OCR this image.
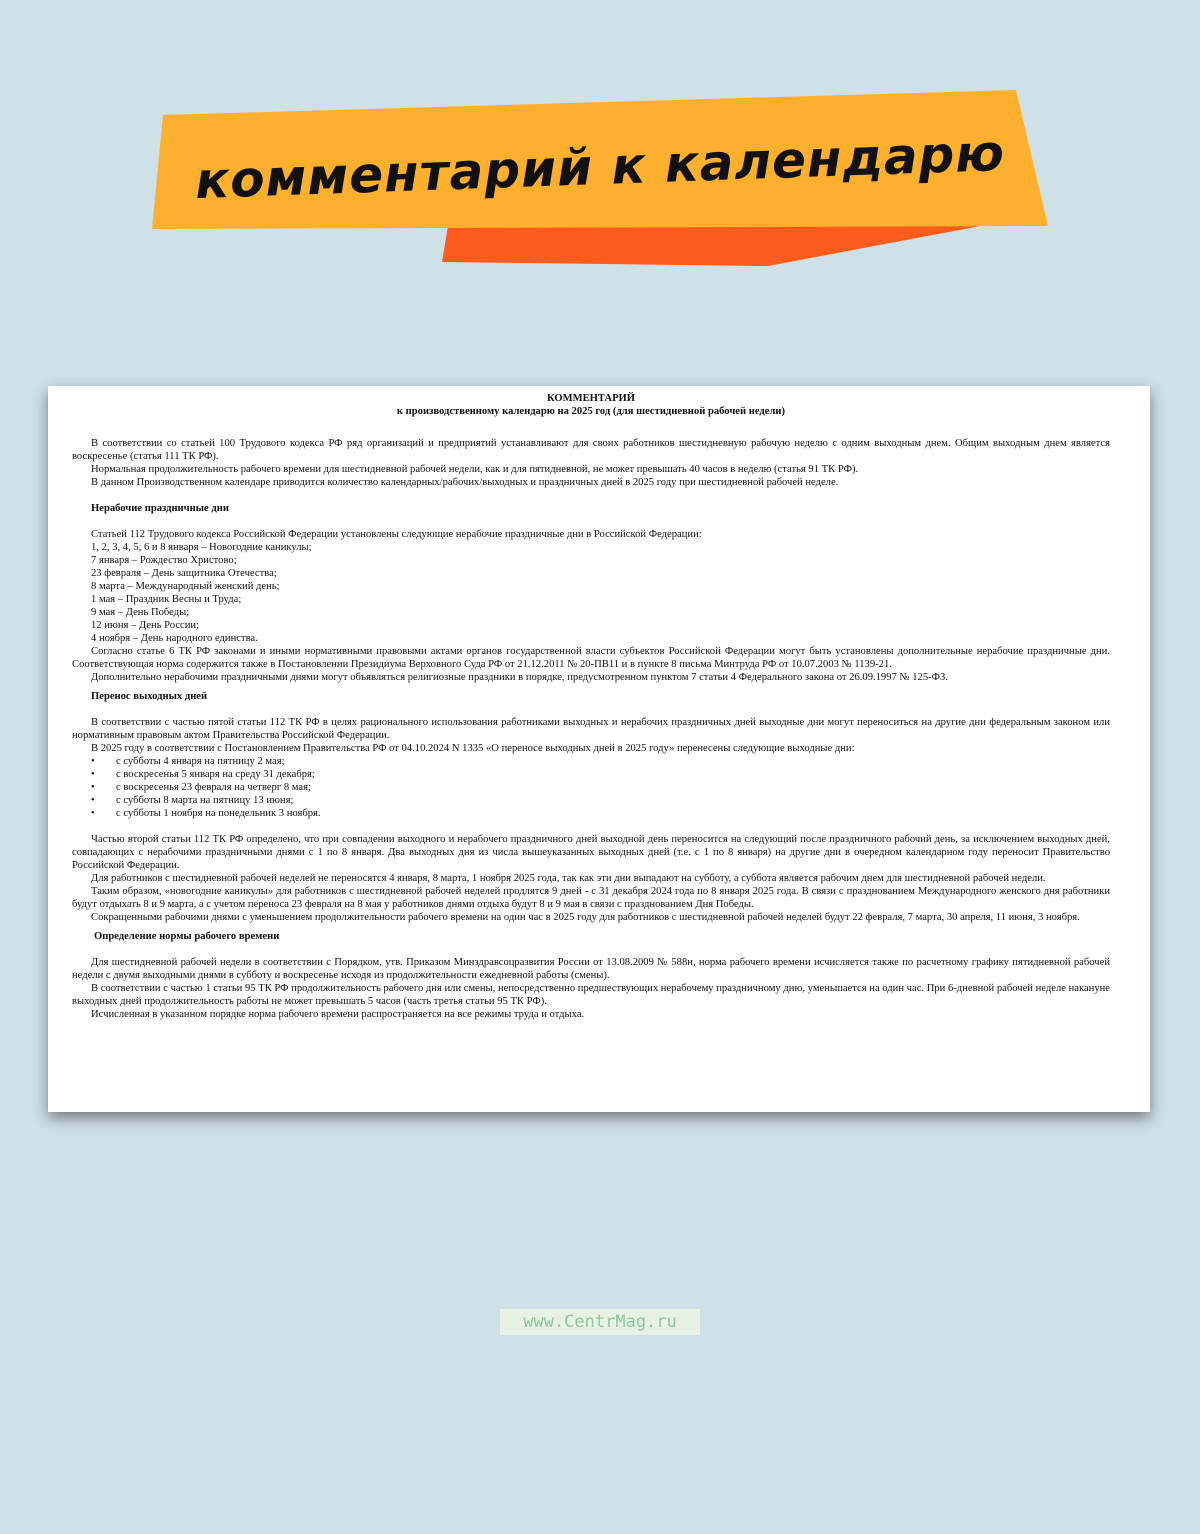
комментарий к календарю
КОММЕНТАРИЙ
к производственному календарю на 2025 год (для шестидневной рабочей недели)

В соответствии со статьей 100 Трудового кодекса РФ ряд организаций и предприятий устанавливают для своих работников шестидневную рабочую неделю с одним выходным днем. Общим выходным днем является воскресенье (статья 111 ТК РФ).

Нормальная продолжительность рабочего времени для шестидневной рабочей недели, как и для пятидневной, не может превышать 40 часов в неделю (статья 91 ТК РФ).

В данном Производственном календаре приводится количество календарных/рабочих/выходных и праздничных дней в 2025 году при шестидневной рабочей неделе.

Нерабочие праздничные дни
Статьей 112 Трудового кодекса Российской Федерации установлены следующие нерабочие праздничные дни в Российской Федерации:
1, 2, 3, 4, 5, 6 и 8 января – Новогодние каникулы;
7 января – Рождество Христово;
23 февраля – День защитника Отечества;
8 марта – Международный женский день;
1 мая – Праздник Весны и Труда;
9 мая – День Победы;
12 июня – День России;
4 ноября – День народного единства.

Согласно статье 6 ТК РФ законами и иными нормативными правовыми актами органов государственной власти субъектов Российской Федерации могут быть установлены дополнительные нерабочие праздничные дни. Соответствующая норма содержится также в Постановлении Президиума Верховного Суда РФ от 21.12.2011 № 20-ПВ11 и в пункте 8 письма Минтруда РФ от 10.07.2003 № 1139-21.

Дополнительно нерабочими праздничными днями могут объявляться религиозные праздники в порядке, предусмотренном пунктом 7 статьи 4 Федерального закона от 26.09.1997 № 125-ФЗ.

Перенос выходных дней

В соответствии с частью пятой статьи 112 ТК РФ в целях рационального использования работниками выходных и нерабочих праздничных дней выходные дни могут переноситься на другие дни федеральным законом или нормативным правовым актом Правительства Российской Федерации.

В 2025 году в соответствии с Постановлением Правительства РФ от 04.10.2024 N 1335 «О переносе выходных дней в 2025 году» перенесены следующие выходные дни:

• с субботы 4 января на пятницу 2 мая;
• с воскресенья 5 января на среду 31 декабря;
• с воскресенья 23 февраля на четверг 8 мая;
• с субботы 8 марта на пятницу 13 июня;
• с субботы 1 ноября на понедельник 3 ноября.

Частью второй статьи 112 ТК РФ определено, что при совпадении выходного и нерабочего праздничного дней выходной день переносится на следующий после праздничного рабочий день, за исключением выходных дней, совпадающих с нерабочими праздничными днями с 1 по 8 января. Два выходных дня из числа вышеуказанных выходных дней (т.е. с 1 по 8 января) на другие дни в очередном календарном году переносит Правительство Российской Федерации.

Для работников с шестидневной рабочей неделей не переносятся 4 января, 8 марта, 1 ноября 2025 года, так как эти дни выпадают на субботу, а суббота является рабочим днем для шестидневной рабочей недели.

Таким образом, «новогодние каникулы» для работников с шестидневной рабочей неделей продлятся 9 дней - с 31 декабря 2024 года по 8 января 2025 года. В связи с празднованием Международного женского дня работники будут отдыхать 8 и 9 марта, а с учетом переноса 23 февраля на 8 мая у работников днями отдыха будут 8 и 9 мая в связи с празднованием Дня Победы.

Сокращенными рабочими днями с уменьшением продолжительности рабочего времени на один час в 2025 году для работников с шестидневной рабочей неделей будут 22 февраля, 7 марта, 30 апреля, 11 июня, 3 ноября.

Определение нормы рабочего времени

Для шестидневной рабочей недели в соответствии с Порядком, утв. Приказом Минздравсоцразвития России от 13.08.2009 № 588н, норма рабочего времени исчисляется также по расчетному графику пятидневной рабочей недели с двумя выходными днями в субботу и воскресенье исходя из продолжительности ежедневной работы (смены).

В соответствии с частью 1 статьи 95 ТК РФ продолжительность рабочего дня или смены, непосредственно предшествующих нерабочему праздничному дню, уменьшается на один час. При 6-дневной рабочей неделе накануне выходных дней продолжительность работы не может превышать 5 часов (часть третья статьи 95 ТК РФ).

Исчисленная в указанном порядке норма рабочего времени распространяется на все режимы труда и отдыха.

www.CentrMag.ru
